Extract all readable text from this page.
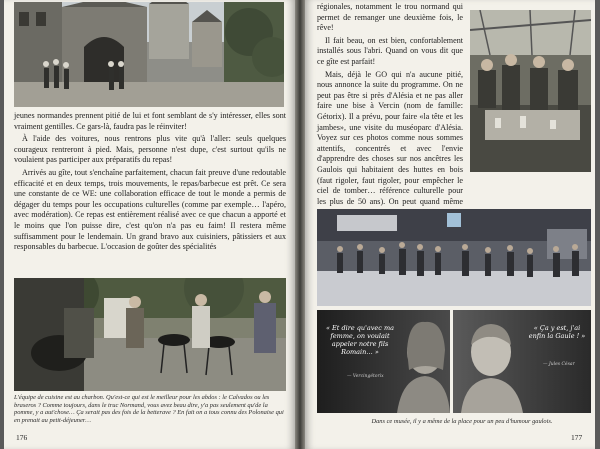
jeunes normandes prennent pitié de lui et font semblant de s'y intéresser, elles sont vraiment gentilles. Ce gars-là, faudra pas le réinviter!

À l'aide des voitures, nous rentrons plus vite qu'à l'aller: seuls quelques courageux rentreront à pied. Mais, personne n'est dupe, c'est surtout qu'ils ne voulaient pas participer aux préparatifs du repas!

Arrivés au gîte, tout s'enchaîne parfaitement, chacun fait preuve d'une redoutable efficacité et en deux temps, trois mouvements, le repas/barbecue est prêt. Ce sera une constante de ce WE: une collaboration efficace de tout le monde a permis de dégager du temps pour les occupations culturelles (comme par exemple… l'apéro, avec modération). Ce repas est entièrement réalisé avec ce que chacun a apporté et le moins que l'on puisse dire, c'est qu'on n'a pas eu faim! Il restera même suffisamment pour le lendemain. Un grand bravo aux cuisiniers, pâtissiers et aux responsables du barbecue. L'occasion de goûter des spécialités

L'équipe de cuisine est au charbon. Qu'est-ce qui est le meilleur pour les abdos : le Calvados ou les braseros ? Comme toujours, dans le truc Normand, vous avez beau dire, y'a pas seulement qu'de la pomme, y a aut'chose… Ça serait pas des fois de la betterave ? En fait on a tous connu des Polonaise qui en prenait au petit-déjeuner…
176

régionales, notamment le trou normand qui permet de remanger une deuxième fois, le rêve!

Il fait beau, on est bien, confortablement installés sous l'abri. Quand on vous dit que ce gîte est parfait!

Mais, déjà le GO qui n'a aucune pitié, nous annonce la suite du programme. On ne peut pas être si près d'Alésia et ne pas aller faire une bise à Vercin (nom de famille: Gétorix). Il a prévu, pour faire «la tête et les jambes», une visite du muséoparc d'Alésia. Voyez sur ces photos comme nous sommes attentifs, concentrés et avec l'envie d'apprendre des choses sur nos ancêtres les Gaulois qui habitaient des huttes en bois (faut rigoler, faut rigoler, pour empêcher le ciel de tomber… référence culturelle pour les plus de 50 ans). On peut quand même

« Et dire qu'avec ma femme, on voulait appeler notre fils Romain… »
— Vercingétorix
« Ça y est, j'ai enfin la Gaule ! »
— Jules César
Dans ce musée, il y a même de la place pour un peu d'humour gaulois.
177
